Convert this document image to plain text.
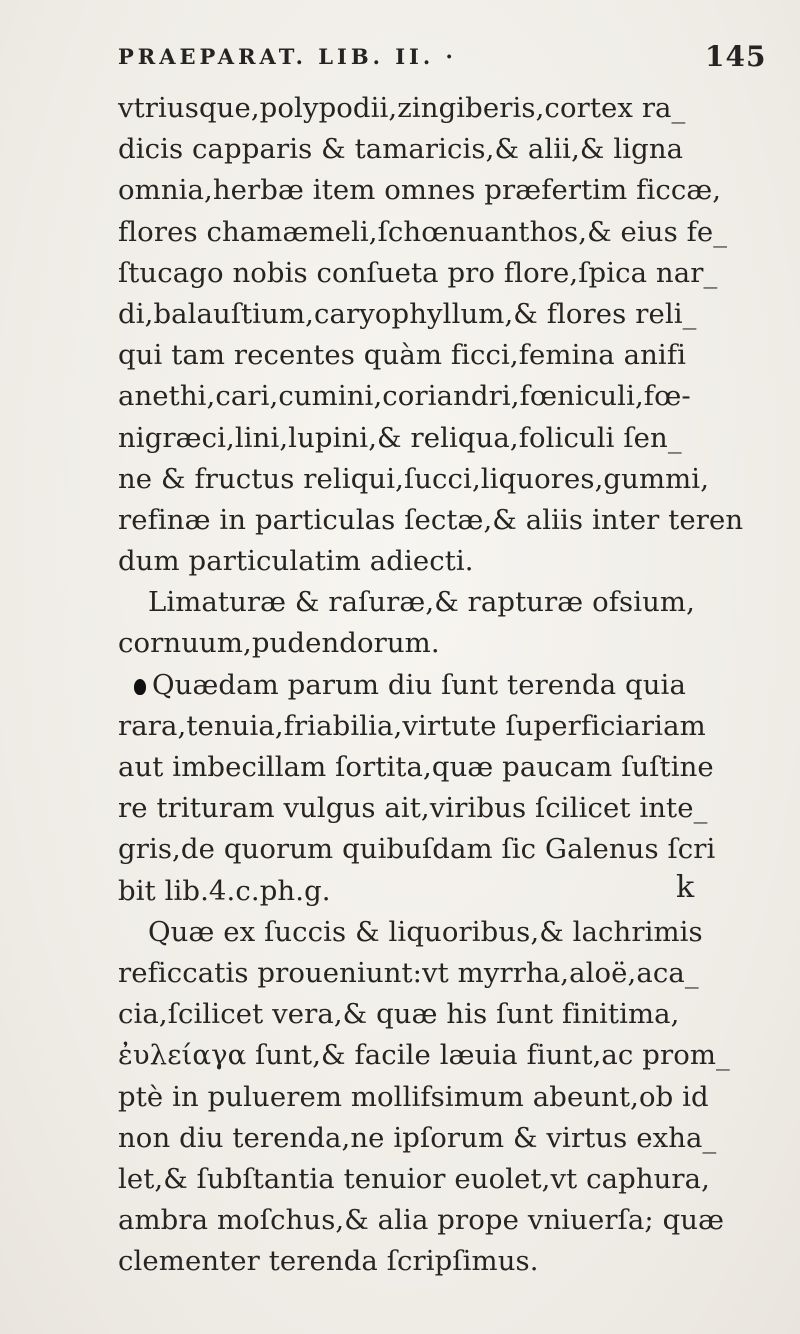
PRAEPARAT. LIB. II. ·	145
vtriusque,polypodii,zingiberis,cortex ra_
dicis capparis & tamaricis,& alii,& ligna
omnia,herbæ item omnes præfertim ficcæ,
flores chamæmeli,ſchœnuanthos,& eius fe_
ſtucago nobis conſueta pro flore,ſpica nar_
di,balauſtium,caryophyllum,& flores reli_
qui tam recentes quàm ficci,femina anifi
anethi,cari,cumini,coriandri,fœniculi,fœ-
nigræci,lini,lupini,& reliqua,foliculi ſen_
ne & fructus reliqui,ſucci,liquores,gummi,
refinæ in particulas ſectæ,& aliis inter teren
dum particulatim adiecti.
Limaturæ & raſuræ,& rapturæ ofsium,
cornuum,pudendorum.
Quædam parum diu ſunt terenda quia
rara,tenuia,friabilia,virtute ſuperficiariam
aut imbecillam ſortita,quæ paucam ſuſtine
re trituram vulgus ait,viribus ſcilicet inte_
gris,de quorum quibuſdam ſic Galenus ſcri
bit lib.4.c.ph.g.
Quæ ex ſuccis & liquoribus,& lachrimis
reficcatis proueniunt:vt myrrha,aloë,aca_
cia,ſcilicet vera,& quæ his ſunt finitima,
ἐυλείαγα ſunt,& facile læuia fiunt,ac prom_
ptè in puluerem mollifsimum abeunt,ob id
non diu terenda,ne ipſorum & virtus exha_
let,& ſubſtantia tenuior euolet,vt caphura,
ambra moſchus,& alia prope vniuerſa; quæ
clementer terenda ſcripſimus.
k
